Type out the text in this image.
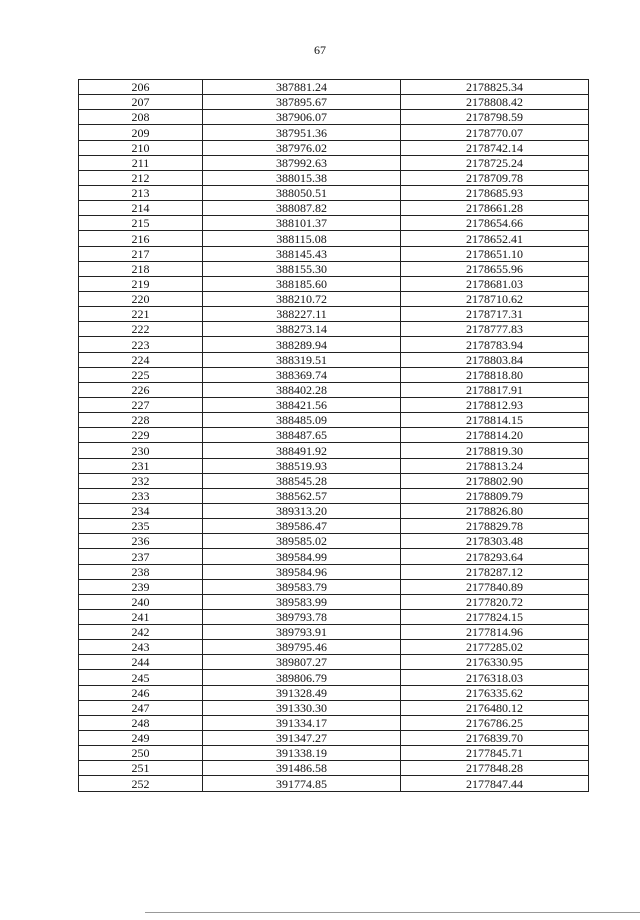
67
206	387881.24	2178825.34
207	387895.67	2178808.42
208	387906.07	2178798.59
209	387951.36	2178770.07
210	387976.02	2178742.14
211	387992.63	2178725.24
212	388015.38	2178709.78
213	388050.51	2178685.93
214	388087.82	2178661.28
215	388101.37	2178654.66
216	388115.08	2178652.41
217	388145.43	2178651.10
218	388155.30	2178655.96
219	388185.60	2178681.03
220	388210.72	2178710.62
221	388227.11	2178717.31
222	388273.14	2178777.83
223	388289.94	2178783.94
224	388319.51	2178803.84
225	388369.74	2178818.80
226	388402.28	2178817.91
227	388421.56	2178812.93
228	388485.09	2178814.15
229	388487.65	2178814.20
230	388491.92	2178819.30
231	388519.93	2178813.24
232	388545.28	2178802.90
233	388562.57	2178809.79
234	389313.20	2178826.80
235	389586.47	2178829.78
236	389585.02	2178303.48
237	389584.99	2178293.64
238	389584.96	2178287.12
239	389583.79	2177840.89
240	389583.99	2177820.72
241	389793.78	2177824.15
242	389793.91	2177814.96
243	389795.46	2177285.02
244	389807.27	2176330.95
245	389806.79	2176318.03
246	391328.49	2176335.62
247	391330.30	2176480.12
248	391334.17	2176786.25
249	391347.27	2176839.70
250	391338.19	2177845.71
251	391486.58	2177848.28
252	391774.85	2177847.44
